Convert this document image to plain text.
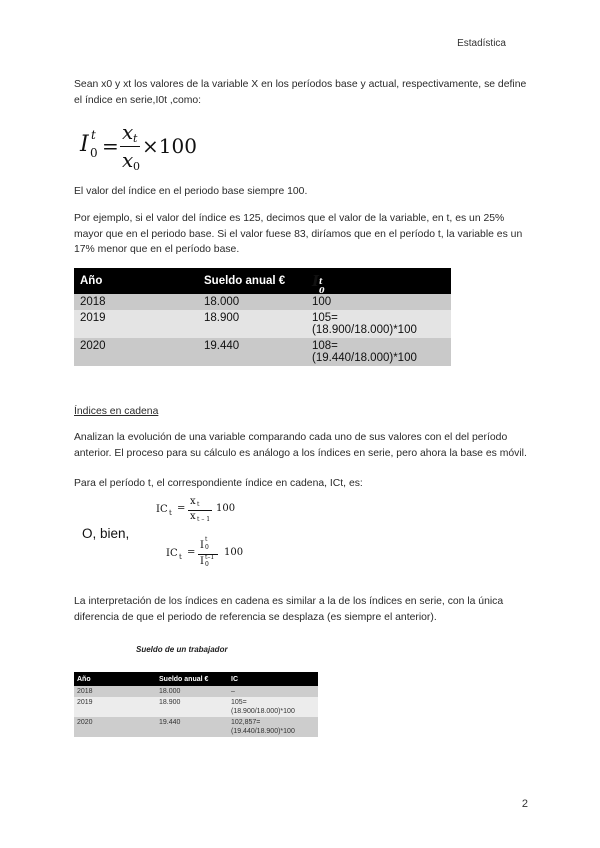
Estadística
Sean x0 y xt los valores de la variable X en los períodos base y actual, respectivamente, se define el índice en serie,I0t ,como:
I t
0 =
x t
x 0
×100
El valor del índice en el periodo base siempre 100.
Por ejemplo, si el valor del índice es 125, decimos que el valor de la variable, en t, es un 25% mayor que en el periodo base. Si el valor fuese 83, diríamos que en el período t, la variable es un 17% menor que en el período base.
Año	Sueldo anual €	I t
0

2018	18.000	100

2019	18.900	105=
(18.900/18.000)*100

2020	19.440	108=
(19.440/18.000)*100
Índices en cadena
Analizan la evolución de una variable comparando cada uno de sus valores con el del período anterior. El proceso para su cálculo es análogo a los índices en serie, pero ahora la base es móvil.
Para el período t, el correspondiente índice en cadena, ICt, es:
IC t =
x t
x t – 1
100
O, bien,
IC t =
I
t
0
I t–1
0
100
La interpretación de los índices en cadena es similar a la de los índices en serie, con la única diferencia de que el periodo de referencia se desplaza (es siempre el anterior).
Sueldo de un trabajador
Año	Sueldo anual €	IC
2018	18.000	–

2019	18.900	105=
(18.900/18.000)*100

2020	19.440	102,857=
(19.440/18.900)*100
2
